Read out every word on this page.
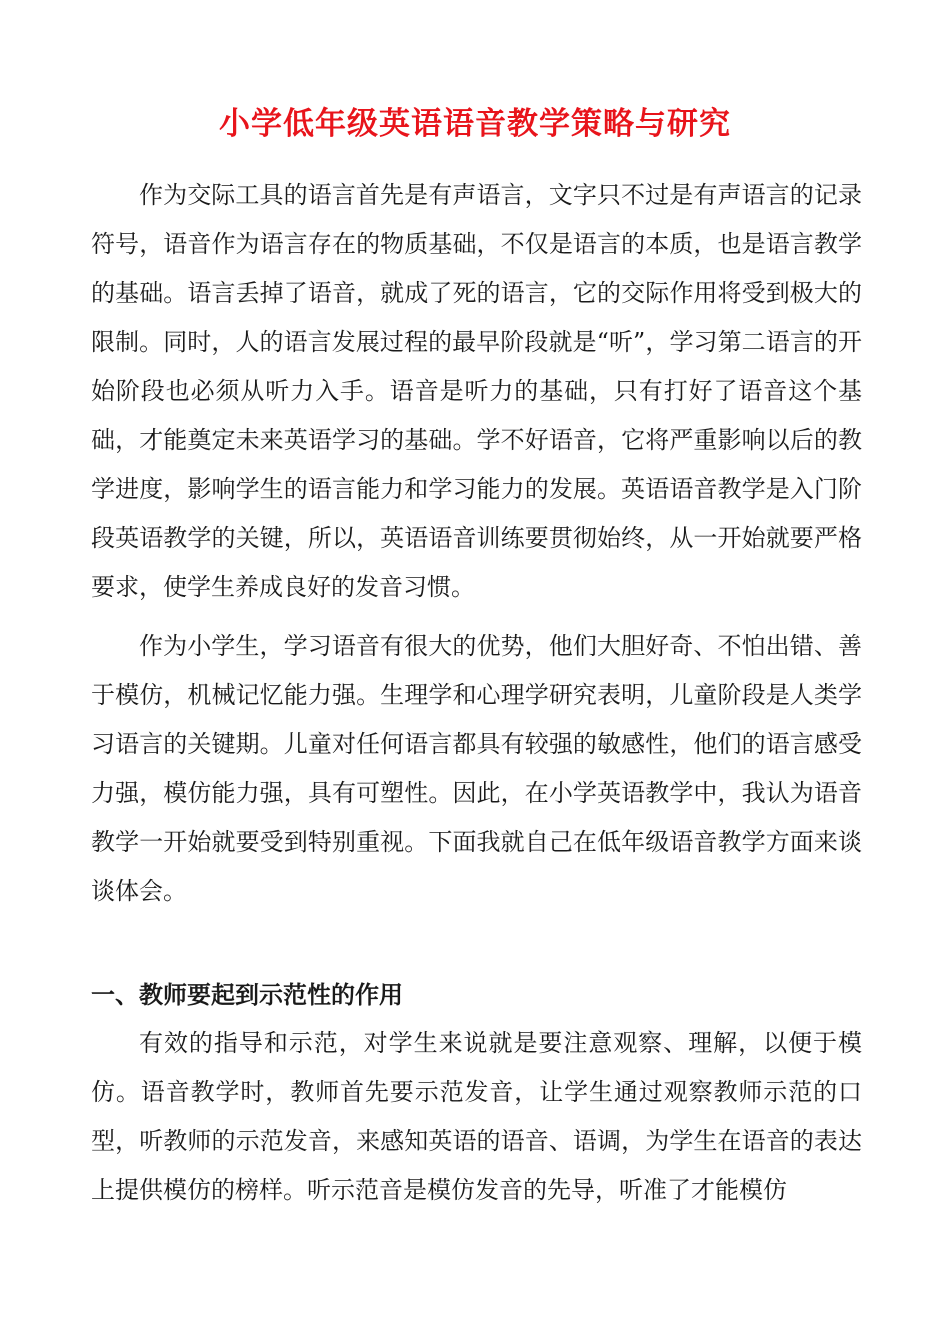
小学低年级英语语音教学策略与研究

作为交际工具的语言首先是有声语言，文字只不过是有声语言的记录符号，语音作为语言存在的物质基础，不仅是语言的本质，也是语言教学的基础。语言丢掉了语音，就成了死的语言，它的交际作用将受到极大的限制。同时，人的语言发展过程的最早阶段就是“听”，学习第二语言的开始阶段也必须从听力入手。语音是听力的基础，只有打好了语音这个基础，才能奠定未来英语学习的基础。学不好语音，它将严重影响以后的教学进度，影响学生的语言能力和学习能力的发展。英语语音教学是入门阶段英语教学的关键，所以，英语语音训练要贯彻始终，从一开始就要严格要求，使学生养成良好的发音习惯。

作为小学生，学习语音有很大的优势，他们大胆好奇、不怕出错、善于模仿，机械记忆能力强。生理学和心理学研究表明，儿童阶段是人类学习语言的关键期。儿童对任何语言都具有较强的敏感性，他们的语言感受力强，模仿能力强，具有可塑性。因此，在小学英语教学中，我认为语音教学一开始就要受到特别重视。下面我就自己在低年级语音教学方面来谈谈体会。

一、教师要起到示范性的作用

有效的指导和示范，对学生来说就是要注意观察、理解，以便于模仿。语音教学时，教师首先要示范发音，让学生通过观察教师示范的口型，听教师的示范发音，来感知英语的语音、语调，为学生在语音的表达上提供模仿的榜样。听示范音是模仿发音的先导，听准了才能模仿
